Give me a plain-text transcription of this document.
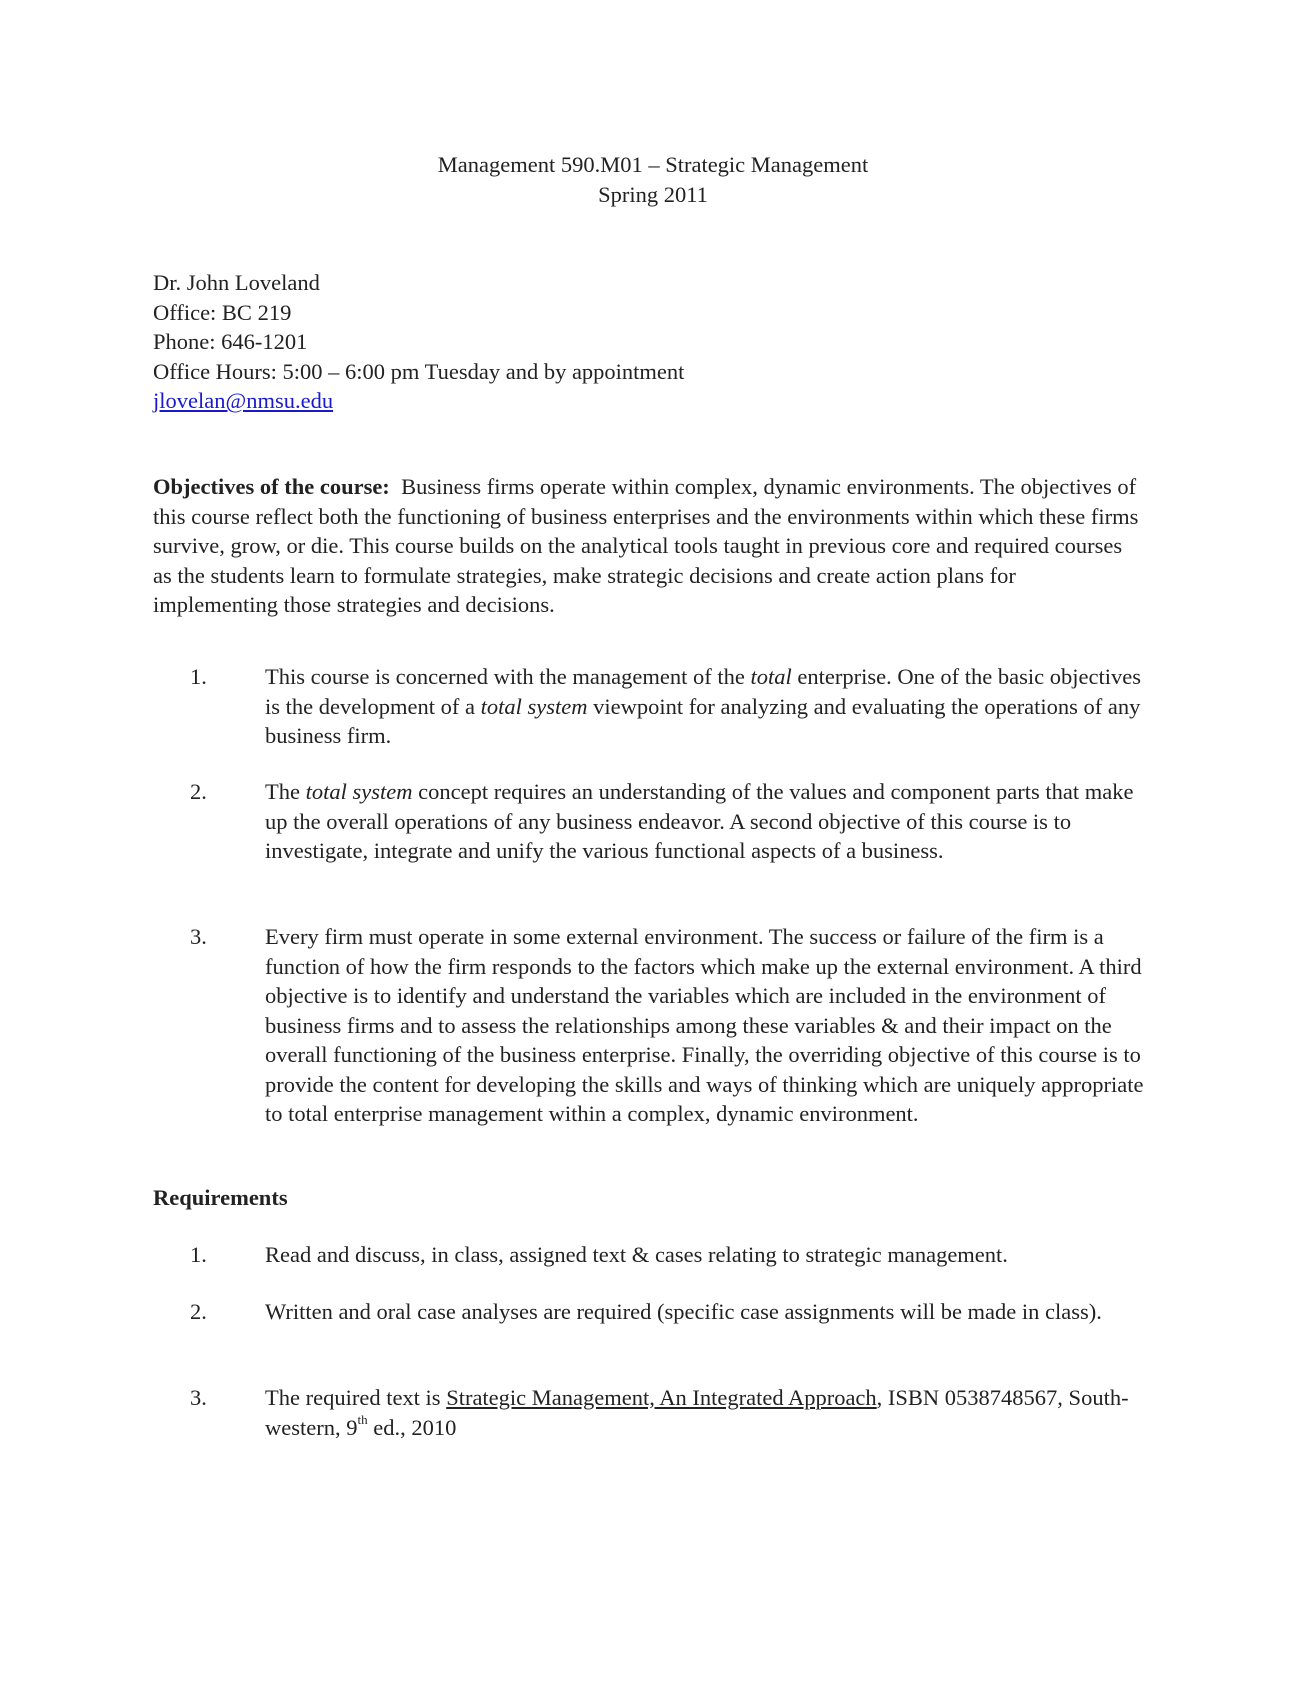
Management 590.M01 – Strategic Management
Spring 2011
Dr. John Loveland
Office: BC 219
Phone: 646-1201
Office Hours: 5:00 – 6:00 pm Tuesday and by appointment
jlovelan@nmsu.edu
Objectives of the course: Business firms operate within complex, dynamic environments. The objectives of this course reflect both the functioning of business enterprises and the environments within which these firms survive, grow, or die. This course builds on the analytical tools taught in previous core and required courses as the students learn to formulate strategies, make strategic decisions and create action plans for implementing those strategies and decisions.
1.	This course is concerned with the management of the total enterprise. One of the basic objectives is the development of a total system viewpoint for analyzing and evaluating the operations of any business firm.
2.	The total system concept requires an understanding of the values and component parts that make up the overall operations of any business endeavor. A second objective of this course is to investigate, integrate and unify the various functional aspects of a business.
3.	Every firm must operate in some external environment. The success or failure of the firm is a function of how the firm responds to the factors which make up the external environment. A third objective is to identify and understand the variables which are included in the environment of business firms and to assess the relationships among these variables & and their impact on the overall functioning of the business enterprise. Finally, the overriding objective of this course is to provide the content for developing the skills and ways of thinking which are uniquely appropriate to total enterprise management within a complex, dynamic environment.
Requirements
1.	Read and discuss, in class, assigned text & cases relating to strategic management.
2.	Written and oral case analyses are required (specific case assignments will be made in class).
3.	The required text is Strategic Management, An Integrated Approach, ISBN 0538748567, South-western, 9th ed., 2010
